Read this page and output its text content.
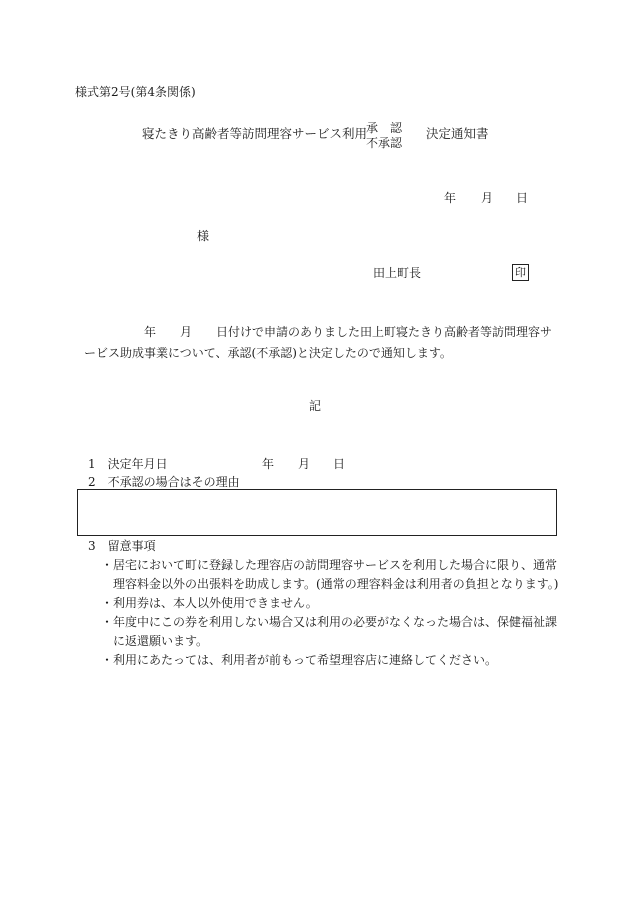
様式第2号(第4条関係)
寝たきり高齢者等訪問理容サービス利用
承　認
不承認
決定通知書
年 月 日
様
田上町長	印
年 月 日付けで申請のありました田上町寝たきり高齢者等訪問理容サービス助成事業について、承認(不承認)と決定したので通知します。
記
1　決定年月日	年 月 日
2　不承認の場合はその理由
3　留意事項
・ 居宅において町に登録した理容店の訪問理容サービスを利用した場合に限り、通常理容料金以外の出張料を助成します。(通常の理容料金は利用者の負担となります。)
・ 利用券は、本人以外使用できません。
・ 年度中にこの券を利用しない場合又は利用の必要がなくなった場合は、保健福祉課に返還願います。
・ 利用にあたっては、利用者が前もって希望理容店に連絡してください。
